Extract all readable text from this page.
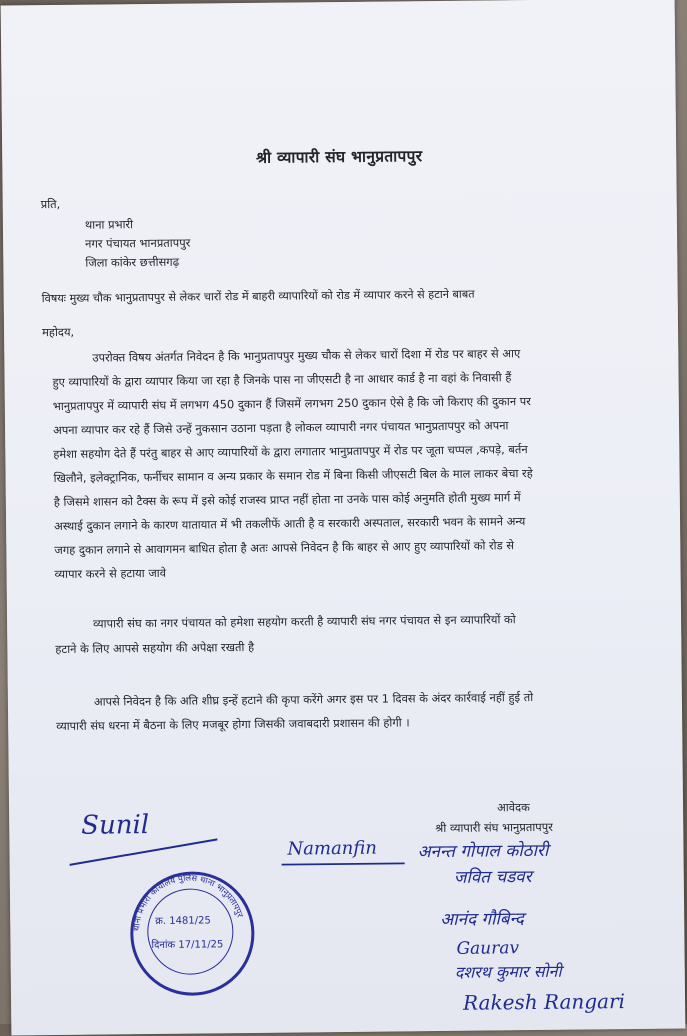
श्री व्यापारी संघ भानुप्रतापपुर
प्रति,
थाना प्रभारी
नगर पंचायत भानप्रतापपुर
जिला कांकेर छत्तीसगढ़
विषयः मुख्य चौक भानुप्रतापपुर से लेकर चारों रोड में बाहरी व्यापारियों को रोड में व्यापार करने से हटाने बाबत
महोदय,
उपरोक्त विषय अंतर्गत निवेदन है कि भानुप्रतापपुर मुख्य चौक से लेकर चारों दिशा में रोड पर बाहर से आए
हुए व्यापारियों के द्वारा व्यापार किया जा रहा है जिनके पास ना जीएसटी है ना आधार कार्ड है ना वहां के निवासी हैं
भानुप्रतापपुर में व्यापारी संघ में लगभग 450 दुकान हैं जिसमें लगभग 250 दुकान ऐसे है कि जो किराए की दुकान पर
अपना व्यापार कर रहे हैं जिसे उन्हें नुकसान उठाना पड़ता है लोकल व्यापारी नगर पंचायत भानुप्रतापपुर को अपना
हमेशा सहयोग देते हैं परंतु बाहर से आए व्यापारियों के द्वारा लगातार भानुप्रतापपुर में रोड पर जूता चप्पल ,कपड़े, बर्तन
खिलौने, इलेक्ट्रानिक, फर्नीचर सामान व अन्य प्रकार के समान रोड में बिना किसी जीएसटी बिल के माल लाकर बेचा रहे
है जिसमे शासन को टैक्स के रूप में इसे कोई राजस्व प्राप्त नहीं होता ना उनके पास कोई अनुमति होती मुख्य मार्ग में
अस्थाई दुकान लगाने के कारण यातायात में भी तकलीफें आती है व सरकारी अस्पताल, सरकारी भवन के सामने अन्य
जगह दुकान लगाने से आवागमन बाधित होता है अतः आपसे निवेदन है कि बाहर से आए हुए व्यापारियों को रोड से
व्यापार करने से हटाया जावे
व्यापारी संघ का नगर पंचायत को हमेशा सहयोग करती है व्यापारी संघ नगर पंचायत से इन व्यापारियों को
हटाने के लिए आपसे सहयोग की अपेक्षा रखती है
आपसे निवेदन है कि अति शीघ्र इन्हें हटाने की कृपा करेंगे अगर इस पर 1 दिवस के अंदर कार्रवाई नहीं हुई तो
व्यापारी संघ धरना में बैठना के लिए मजबूर होगा जिसकी जवाबदारी प्रशासन की होगी ।
आवेदक
श्री व्यापारी संघ भानुप्रतापपुर
Sunil
Namanfin अनन्त गोपाल कोठारी
जवित चडवर
आनंद गौबिन्द
Gaurav
दशरथ कुमार सोनी
Rakesh Rangari
थाना प्रभारी कार्यालय पुलिस थाना भानुप्रतापपुर
क्र. 1481/25
दिनांक 17/11/25
